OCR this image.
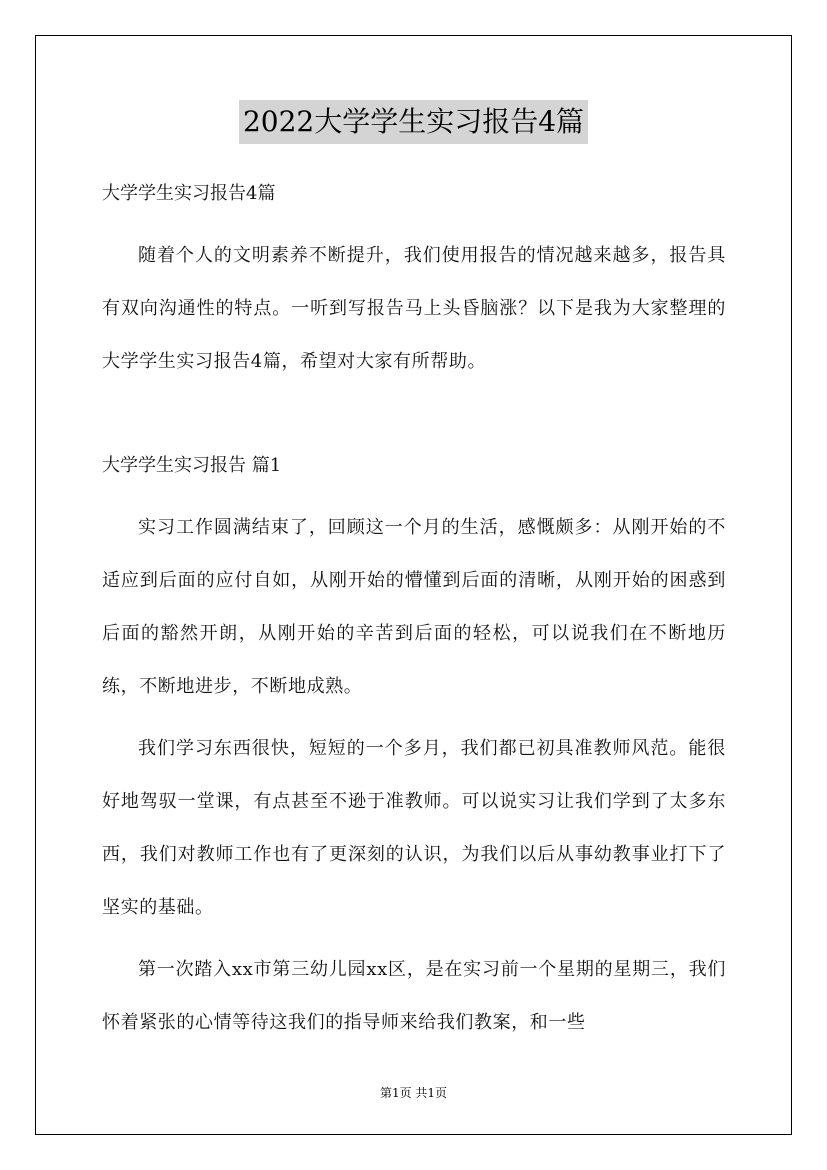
2022大学学生实习报告4篇
大学学生实习报告4篇

随着个人的文明素养不断提升，我们使用报告的情况越来越多，报告具有双向沟通性的特点。一听到写报告马上头昏脑涨？以下是我为大家整理的大学学生实习报告4篇，希望对大家有所帮助。

大学学生实习报告 篇1

实习工作圆满结束了，回顾这一个月的生活，感慨颇多：从刚开始的不适应到后面的应付自如，从刚开始的懵懂到后面的清晰，从刚开始的困惑到后面的豁然开朗，从刚开始的辛苦到后面的轻松，可以说我们在不断地历练，不断地进步，不断地成熟。

我们学习东西很快，短短的一个多月，我们都已初具准教师风范。能很好地驾驭一堂课，有点甚至不逊于准教师。可以说实习让我们学到了太多东西，我们对教师工作也有了更深刻的认识，为我们以后从事幼教事业打下了坚实的基础。

第一次踏入xx市第三幼儿园xx区，是在实习前一个星期的星期三，我们怀着紧张的心情等待这我们的指导师来给我们教案，和一些

第1页 共1页
